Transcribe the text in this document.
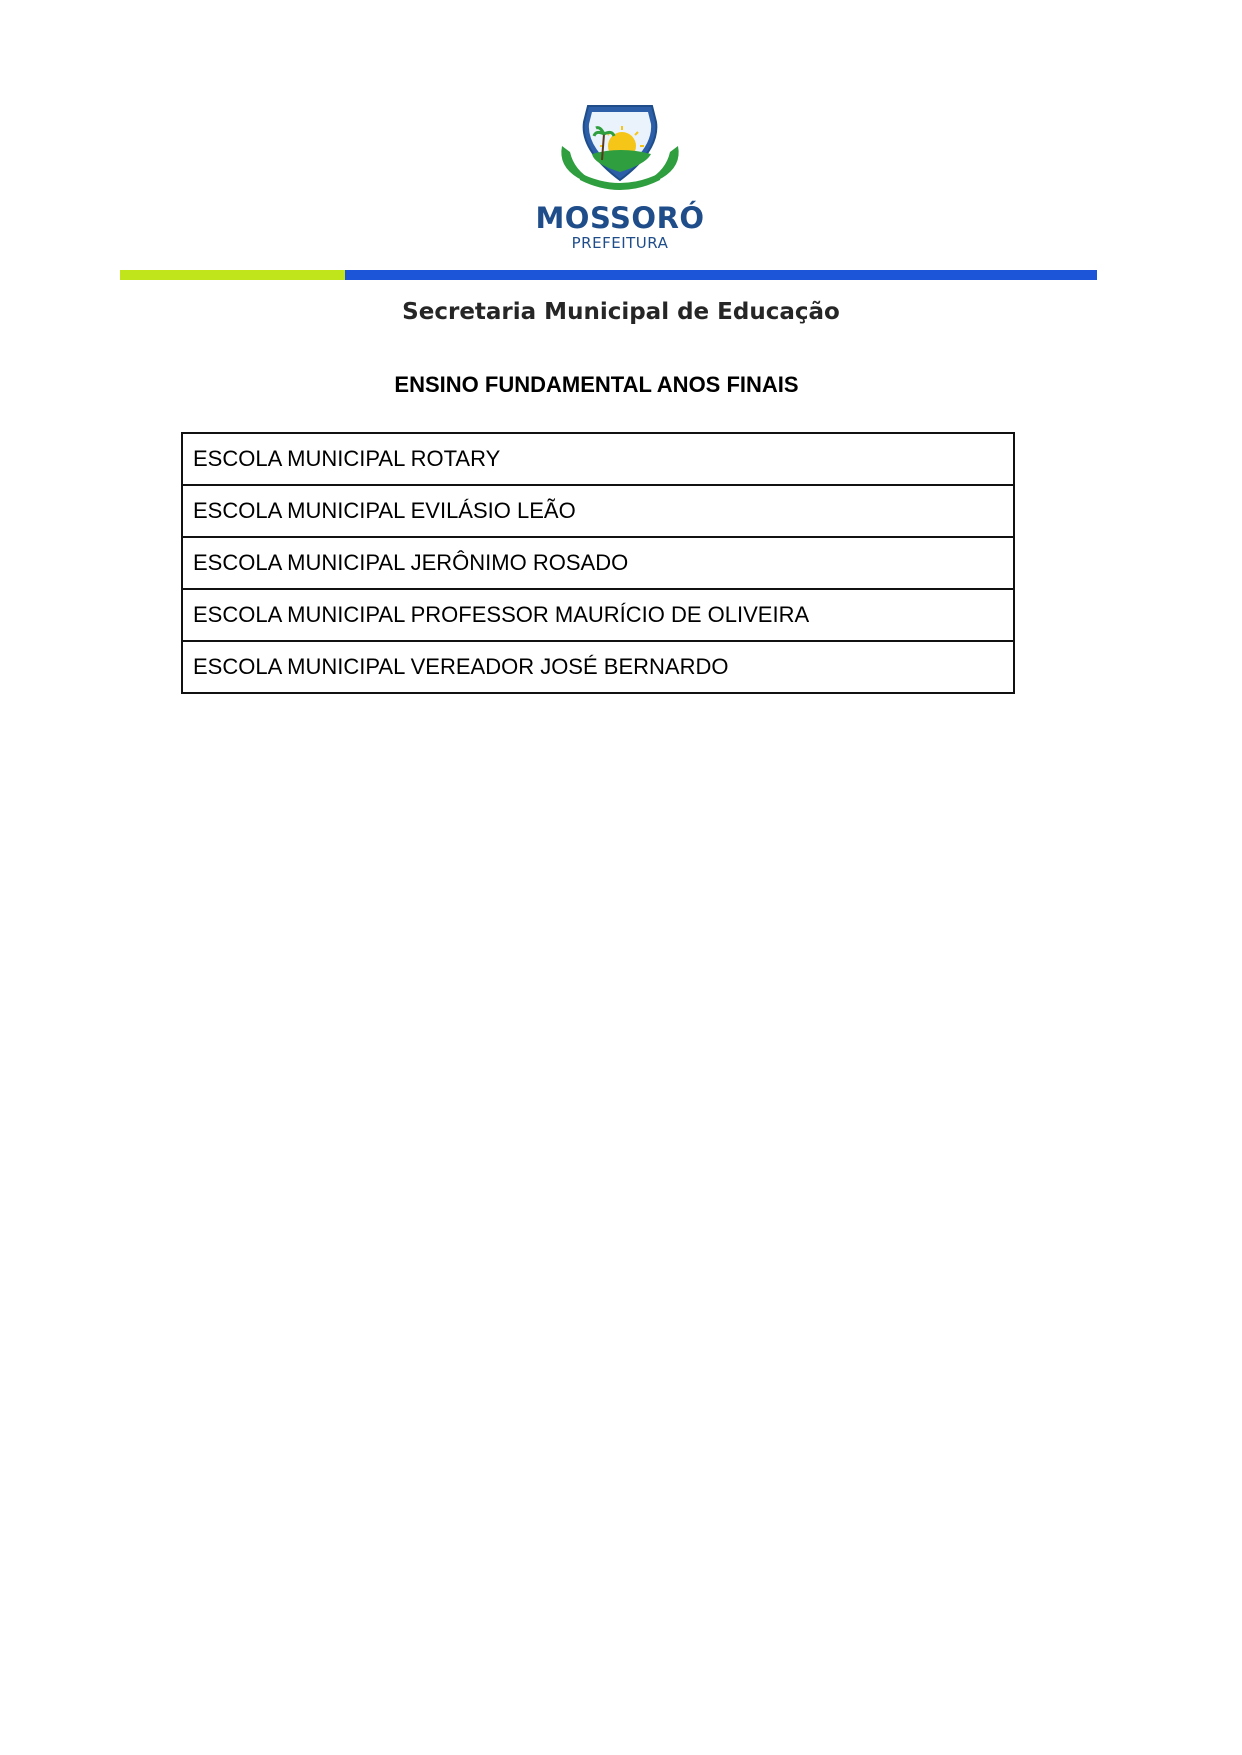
MOSSORÓ
PREFEITURA
Secretaria Municipal de Educação
ENSINO FUNDAMENTAL ANOS FINAIS
ESCOLA MUNICIPAL ROTARY
ESCOLA MUNICIPAL EVILÁSIO LEÃO
ESCOLA MUNICIPAL JERÔNIMO ROSADO
ESCOLA MUNICIPAL PROFESSOR MAURÍCIO DE OLIVEIRA
ESCOLA MUNICIPAL VEREADOR JOSÉ BERNARDO
